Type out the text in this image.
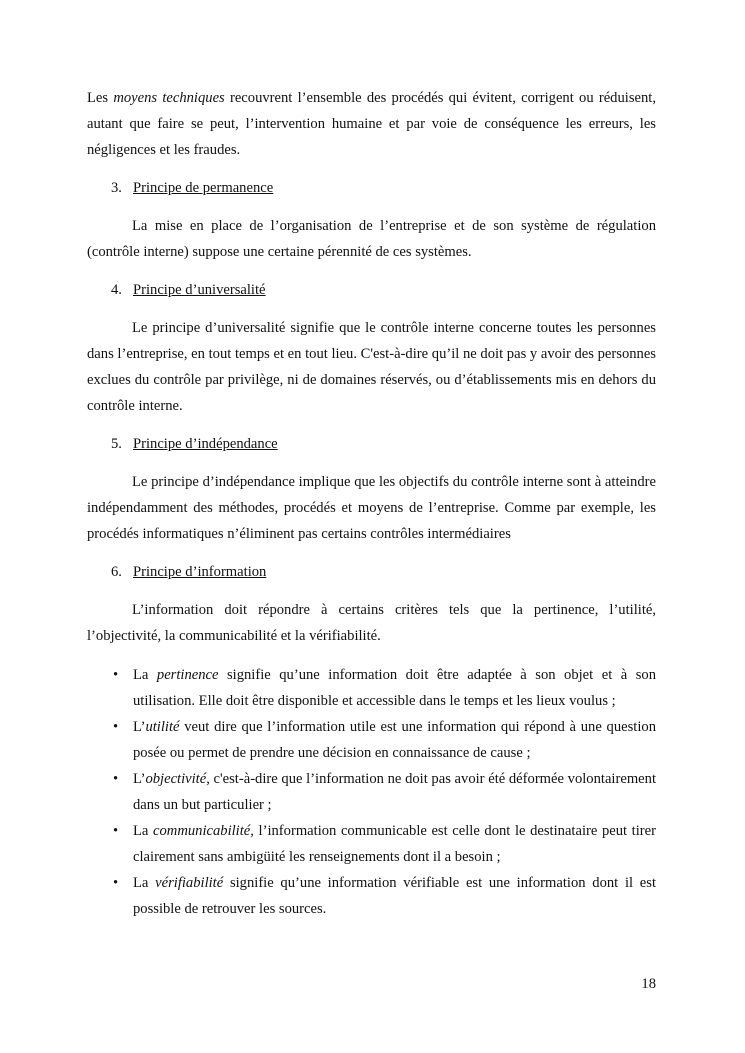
Les moyens techniques recouvrent l’ensemble des procédés qui évitent, corrigent ou réduisent, autant que faire se peut, l’intervention humaine et par voie de conséquence les erreurs, les négligences et les fraudes.

3. Principe de permanence

La mise en place de l’organisation de l’entreprise et de son système de régulation (contrôle interne) suppose une certaine pérennité de ces systèmes.

4. Principe d’universalité

Le principe d’universalité signifie que le contrôle interne concerne toutes les personnes dans l’entreprise, en tout temps et en tout lieu. C'est-à-dire qu’il ne doit pas y avoir des personnes exclues du contrôle par privilège, ni de domaines réservés, ou d’établissements mis en dehors du contrôle interne.

5. Principe d’indépendance

Le principe d’indépendance implique que les objectifs du contrôle interne sont à atteindre indépendamment des méthodes, procédés et moyens de l’entreprise. Comme par exemple, les procédés informatiques n’éliminent pas certains contrôles intermédiaires

6. Principe d’information

L’information doit répondre à certains critères tels que la pertinence, l’utilité, l’objectivité, la communicabilité et la vérifiabilité.

• La pertinence signifie qu’une information doit être adaptée à son objet et à son utilisation. Elle doit être disponible et accessible dans le temps et les lieux voulus ;
• L’utilité veut dire que l’information utile est une information qui répond à une question posée ou permet de prendre une décision en connaissance de cause ;
• L’objectivité, c'est-à-dire que l’information ne doit pas avoir été déformée volontairement dans un but particulier ;
• La communicabilité, l’information communicable est celle dont le destinataire peut tirer clairement sans ambigüité les renseignements dont il a besoin ;
• La vérifiabilité signifie qu’une information vérifiable est une information dont il est possible de retrouver les sources.
18
